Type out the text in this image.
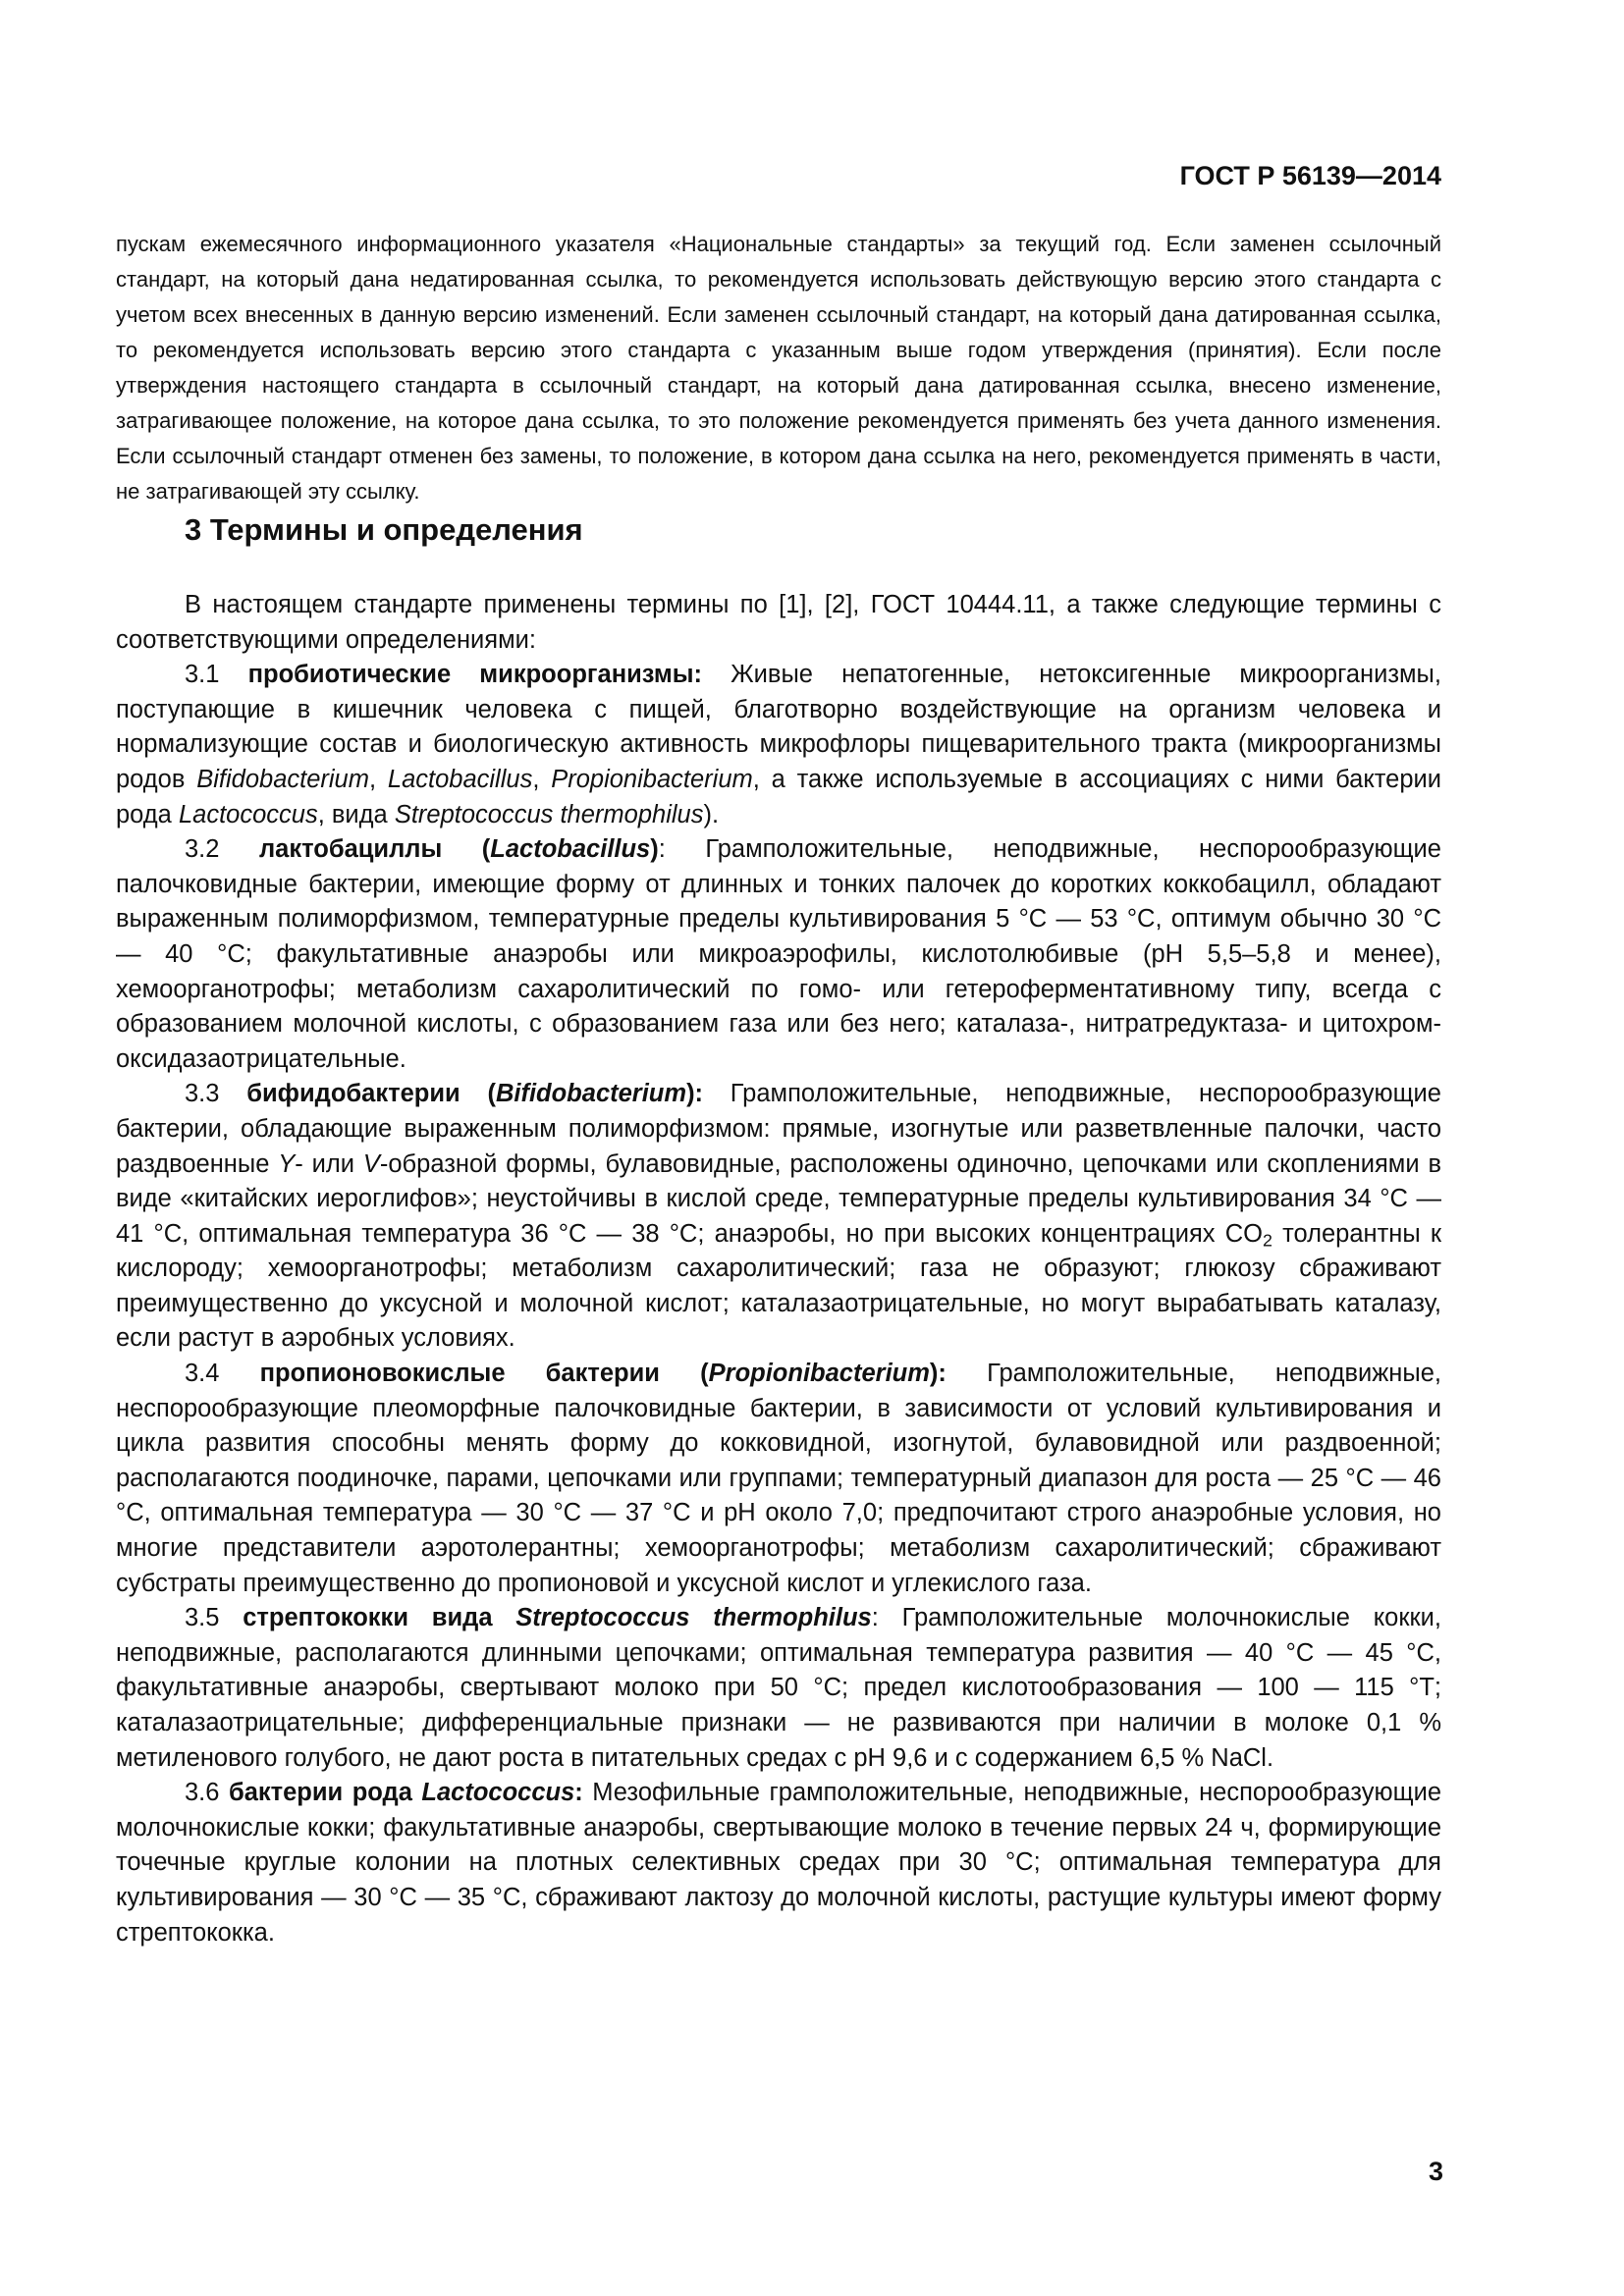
ГОСТ Р 56139—2014
пускам ежемесячного информационного указателя «Национальные стандарты» за текущий год. Если заменен ссылочный стандарт, на который дана недатированная ссылка, то рекомендуется использовать действующую версию этого стандарта с учетом всех внесенных в данную версию изменений. Если заменен ссылочный стандарт, на который дана датированная ссылка, то рекомендуется использовать версию этого стандарта с указанным выше годом утверждения (принятия). Если после утверждения настоящего стандарта в ссылочный стандарт, на который дана датированная ссылка, внесено изменение, затрагивающее положение, на которое дана ссылка, то это положение рекомендуется применять без учета данного изменения. Если ссылочный стандарт отменен без замены, то положение, в котором дана ссылка на него, рекомендуется применять в части, не затрагивающей эту ссылку.
3 Термины и определения

В настоящем стандарте применены термины по [1], [2], ГОСТ 10444.11, а также следующие термины с соответствующими определениями:

3.1 пробиотические микроорганизмы: Живые непатогенные, нетоксигенные микроорганизмы, поступающие в кишечник человека с пищей, благотворно воздействующие на организм человека и нормализующие состав и биологическую активность микрофлоры пищеварительного тракта (микроорганизмы родов Bifidobacterium, Lactobacillus, Propionibacterium, а также используемые в ассоциациях с ними бактерии рода Lactococcus, вида Streptococcus thermophilus).

3.2 лактобациллы (Lactobacillus): Грамположительные, неподвижные, неспорообразующие палочковидные бактерии, имеющие форму от длинных и тонких палочек до коротких коккобацилл, обладают выраженным полиморфизмом, температурные пределы культивирования 5 °С — 53 °С, оптимум обычно 30 °С — 40 °С; факультативные анаэробы или микроаэрофилы, кислотолюбивые (рН 5,5–5,8 и менее), хемоорганотрофы; метаболизм сахаролитический по гомо- или гетероферментативному типу, всегда с образованием молочной кислоты, с образованием газа или без него; каталаза-, нитратредуктаза- и цитохром-оксидазаотрицательные.

3.3 бифидобактерии (Bifidobacterium): Грамположительные, неподвижные, неспорообразующие бактерии, обладающие выраженным полиморфизмом: прямые, изогнутые или разветвленные палочки, часто раздвоенные Y- или V-образной формы, булавовидные, расположены одиночно, цепочками или скоплениями в виде «китайских иероглифов»; неустойчивы в кислой среде, температурные пределы культивирования 34 °С — 41 °С, оптимальная температура 36 °С — 38 °С; анаэробы, но при высоких концентрациях $CO_2$ толерантны к кислороду; хемоорганотрофы; метаболизм сахаролитический; газа не образуют; глюкозу сбраживают преимущественно до уксусной и молочной кислот; каталазаотрицательные, но могут вырабатывать каталазу, если растут в аэробных условиях.

3.4 пропионовокислые бактерии (Propionibacterium): Грамположительные, неподвижные, неспорообразующие плеоморфные палочковидные бактерии, в зависимости от условий культивирования и цикла развития способны менять форму до кокковидной, изогнутой, булавовидной или раздвоенной; располагаются поодиночке, парами, цепочками или группами; температурный диапазон для роста — 25 °С — 46 °С, оптимальная температура — 30 °С — 37 °С и рН около 7,0; предпочитают строго анаэробные условия, но многие представители аэротолерантны; хемоорганотрофы; метаболизм сахаролитический; сбраживают субстраты преимущественно до пропионовой и уксусной кислот и углекислого газа.

3.5 стрептококки вида Streptococcus thermophilus: Грамположительные молочнокислые кокки, неподвижные, располагаются длинными цепочками; оптимальная температура развития — 40 °С — 45 °С, факультативные анаэробы, свертывают молоко при 50 °С; предел кислотообразования — 100 — 115 °Т; каталазаотрицательные; дифференциальные признаки — не развиваются при наличии в молоке 0,1 % метиленового голубого, не дают роста в питательных средах с рН 9,6 и с содержанием 6,5 % NaCl.

3.6 бактерии рода Lactococcus: Мезофильные грамположительные, неподвижные, неспорообразующие молочнокислые кокки; факультативные анаэробы, свертывающие молоко в течение первых 24 ч, формирующие точечные круглые колонии на плотных селективных средах при 30 °С; оптимальная температура для культивирования — 30 °С — 35 °С, сбраживают лактозу до молочной кислоты, растущие культуры имеют форму стрептококка.

3
